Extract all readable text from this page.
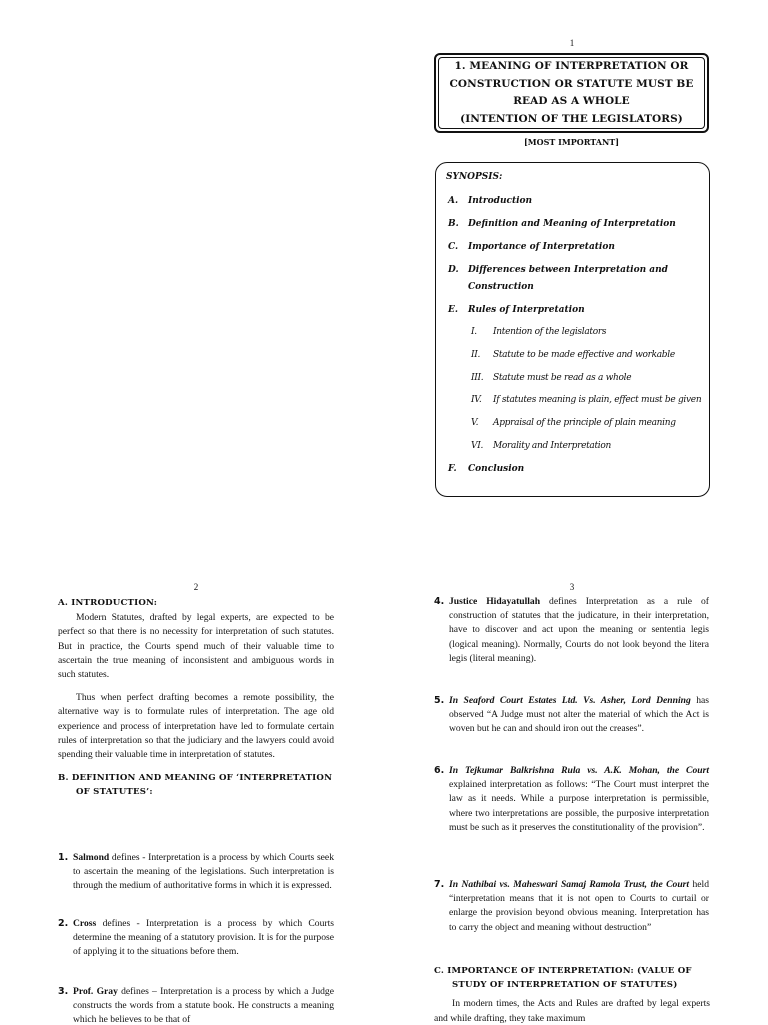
1
2	3
1. MEANING OF INTERPRETATION OR
CONSTRUCTION OR STATUTE MUST BE
READ AS A WHOLE
(INTENTION OF THE LEGISLATORS)
[MOST IMPORTANT]
SYNOPSIS:
A. Introduction
B. Definition and Meaning of Interpretation
C. Importance of Interpretation
D. Differences between Interpretation and Construction
E. Rules of Interpretation
I. Intention of the legislators
II. Statute to be made effective and workable
III. Statute must be read as a whole
IV. If statutes meaning is plain, effect must be given
V. Appraisal of the principle of plain meaning
VI. Morality and Interpretation
F. Conclusion
A. INTRODUCTION:

Modern Statutes, drafted by legal experts, are expected to be perfect so that there is no necessity for interpretation of such statutes. But in practice, the Courts spend much of their valuable time to ascertain the true meaning of inconsistent and ambiguous words in such statutes.

Thus when perfect drafting becomes a remote possibility, the alternative way is to formulate rules of interpretation. The age old experience and process of interpretation have led to formulate certain rules of interpretation so that the judiciary and the lawyers could avoid spending their valuable time in interpretation of statutes.

B. DEFINITION AND MEANING OF ‘INTERPRETATION
OF STATUTES’:
1. Salmond defines - Interpretation is a process by which Courts seek to ascertain the meaning of the legislations. Such interpretation is through the medium of authoritative forms in which it is expressed.

2. Cross defines - Interpretation is a process by which Courts determine the meaning of a statutory provision. It is for the purpose of applying it to the situations before them.

3. Prof. Gray defines – Interpretation is a process by which a Judge constructs the words from a statute book. He constructs a meaning which he believes to be that of

4. Justice Hidayatullah defines Interpretation as a rule of construction of statutes that the judicature, in their interpretation, have to discover and act upon the meaning or sententia legis (logical meaning). Normally, Courts do not look beyond the litera legis (literal meaning).

5. In Seaford Court Estates Ltd. Vs. Asher, Lord Denning has observed “A Judge must not alter the material of which the Act is woven but he can and should iron out the creases”.

6. In Tejkumar Balkrishna Rula vs. A.K. Mohan, the Court explained interpretation as follows: “The Court must interpret the law as it needs. While a purpose interpretation is permissible, where two interpretations are possible, the purposive interpretation must be such as it preserves the constitutionality of the provision”.

7. In Nathibai vs. Maheswari Samaj Ramola Trust, the Court held “interpretation means that it is not open to Courts to curtail or enlarge the provision beyond obvious meaning. Interpretation has to carry the object and meaning without destruction”

C. IMPORTANCE OF INTERPRETATION: (VALUE OF
STUDY OF INTERPRETATION OF STATUTES)

In modern times, the Acts and Rules are drafted by legal experts and while drafting, they take maximum
